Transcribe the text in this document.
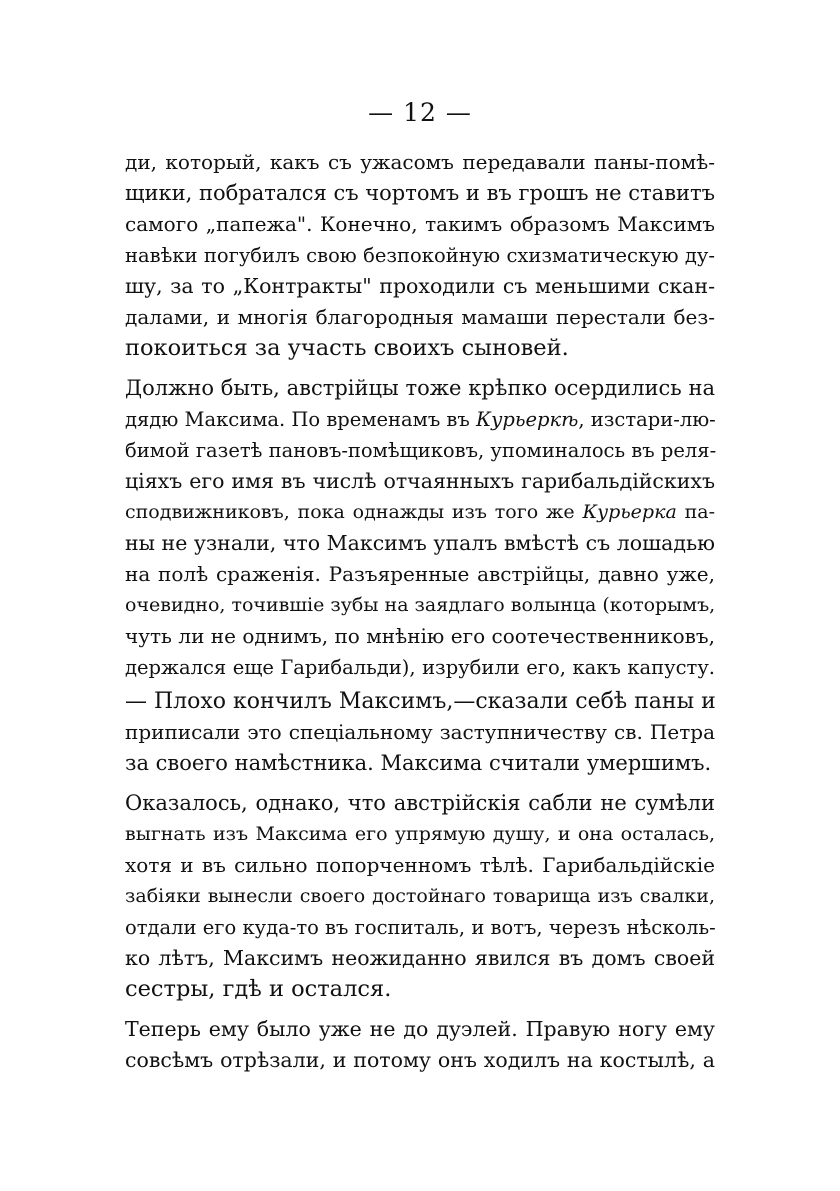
— 12 —
ди, который, какъ съ ужасомъ передавали паны-помѣ-
щики, побратался съ чортомъ и въ грошъ не ставитъ
самого „папежа". Конечно, такимъ образомъ Максимъ
навѣки погубилъ свою безпокойную схизматическую ду-
шу, за то „Контракты" проходили съ меньшими скан-
далами, и многія благородныя мамаши перестали без-
покоиться за участь своихъ сыновей.
Должно быть, австрійцы тоже крѣпко осердились на
дядю Максима. По временамъ въ Курьеркѣ, изстари-лю-
бимой газетѣ пановъ-помѣщиковъ, упоминалось въ реля-
ціяхъ его имя въ числѣ отчаянныхъ гарибальдійскихъ
сподвижниковъ, пока однажды изъ того же Курьерка па-
ны не узнали, что Максимъ упалъ вмѣстѣ съ лошадью
на полѣ сраженія. Разъяренные австрійцы, давно уже,
очевидно, точившіе зубы на заядлаго волынца (которымъ,
чуть ли не однимъ, по мнѣнію его соотечественниковъ,
держался еще Гарибальди), изрубили его, какъ капусту.
— Плохо кончилъ Максимъ,—сказали себѣ паны и
приписали это спеціальному заступничеству св. Петра
за своего намѣстника. Максима считали умершимъ.
Оказалось, однако, что австрійскія сабли не сумѣли
выгнать изъ Максима его упрямую душу, и она осталась,
хотя и въ сильно попорченномъ тѣлѣ. Гарибальдійскіе
забіяки вынесли своего достойнаго товарища изъ свалки,
отдали его куда-то въ госпиталь, и вотъ, черезъ нѣсколь-
ко лѣтъ, Максимъ неожиданно явился въ домъ своей
сестры, гдѣ и остался.
Теперь ему было уже не до дуэлей. Правую ногу ему
совсѣмъ отрѣзали, и потому онъ ходилъ на костылѣ, а
